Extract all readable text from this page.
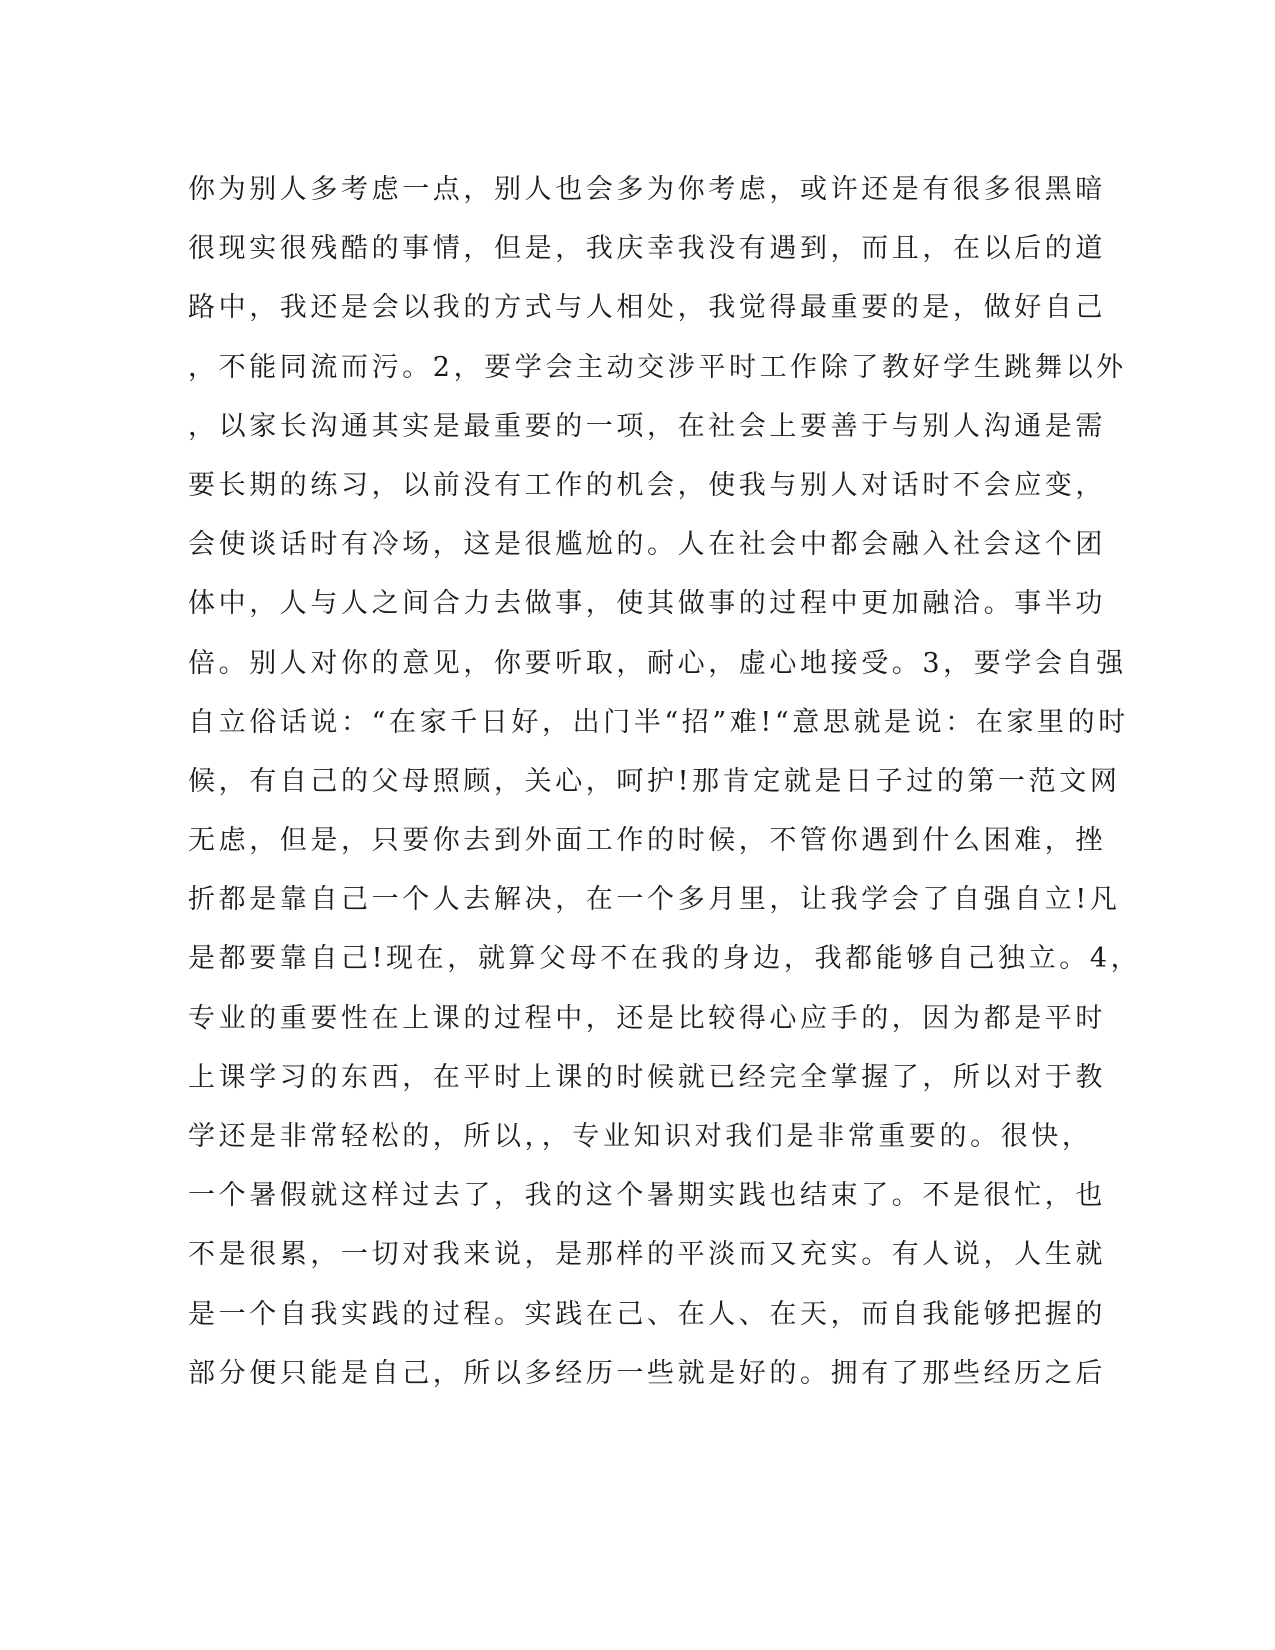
你为别人多考虑一点，别人也会多为你考虑，或许还是有很多很黑暗
很现实很残酷的事情，但是，我庆幸我没有遇到，而且，在以后的道
路中，我还是会以我的方式与人相处，我觉得最重要的是，做好自己
，不能同流而污。2，要学会主动交涉平时工作除了教好学生跳舞以外
，以家长沟通其实是最重要的一项，在社会上要善于与别人沟通是需
要长期的练习，以前没有工作的机会，使我与别人对话时不会应变，
会使谈话时有冷场，这是很尴尬的。人在社会中都会融入社会这个团
体中，人与人之间合力去做事，使其做事的过程中更加融洽。事半功
倍。别人对你的意见，你要听取，耐心，虚心地接受。3，要学会自强
自立俗话说：“在家千日好，出门半“招”难!“意思就是说：在家里的时
候，有自己的父母照顾，关心，呵护!那肯定就是日子过的第一范文网
无虑，但是，只要你去到外面工作的时候，不管你遇到什么困难，挫
折都是靠自己一个人去解决，在一个多月里，让我学会了自强自立!凡
是都要靠自己!现在，就算父母不在我的身边，我都能够自己独立。4，
专业的重要性在上课的过程中，还是比较得心应手的，因为都是平时
上课学习的东西，在平时上课的时候就已经完全掌握了，所以对于教
学还是非常轻松的，所以，，专业知识对我们是非常重要的。很快，
一个暑假就这样过去了，我的这个暑期实践也结束了。不是很忙，也
不是很累，一切对我来说，是那样的平淡而又充实。有人说，人生就
是一个自我实践的过程。实践在己、在人、在天，而自我能够把握的
部分便只能是自己，所以多经历一些就是好的。拥有了那些经历之后
